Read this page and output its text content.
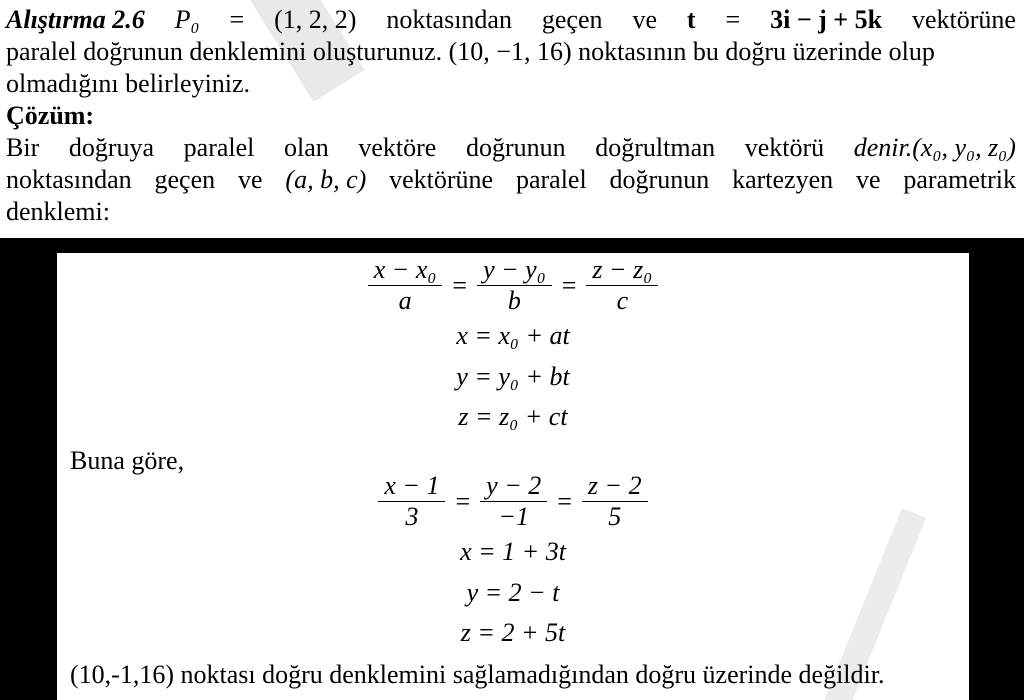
Alıştırma 2.6 P₀ = (1, 2, 2) noktasından geçen ve t = 3i − j + 5k vektörüne
paralel doğrunun denklemini oluşturunuz. (10, −1, 16) noktasının bu doğru üzerinde olup
olmadığını belirleyiniz.
Çözüm:
Bir doğruya paralel olan vektöre doğrunun doğrultman vektörü denir.(x₀, y₀, z₀)
noktasından geçen ve (a, b, c) vektörüne paralel doğrunun kartezyen ve parametrik
denklemi:
$\frac{\text{x − x₀}}{a} = \frac{\text{y − y₀}}{b} = \frac{\text{z − z₀}}{c}$
x = x₀ + at
y = y₀ + bt
z = z₀ + ct
Buna göre,
$\frac{x - 1}{3} = \frac{y - 2}{-1} = \frac{z - 2}{5}$
x = 1 + 3t
y = 2 − t
z = 2 + 5t
(10,-1,16) noktası doğru denklemini sağlamadığından doğru üzerinde değildir.
